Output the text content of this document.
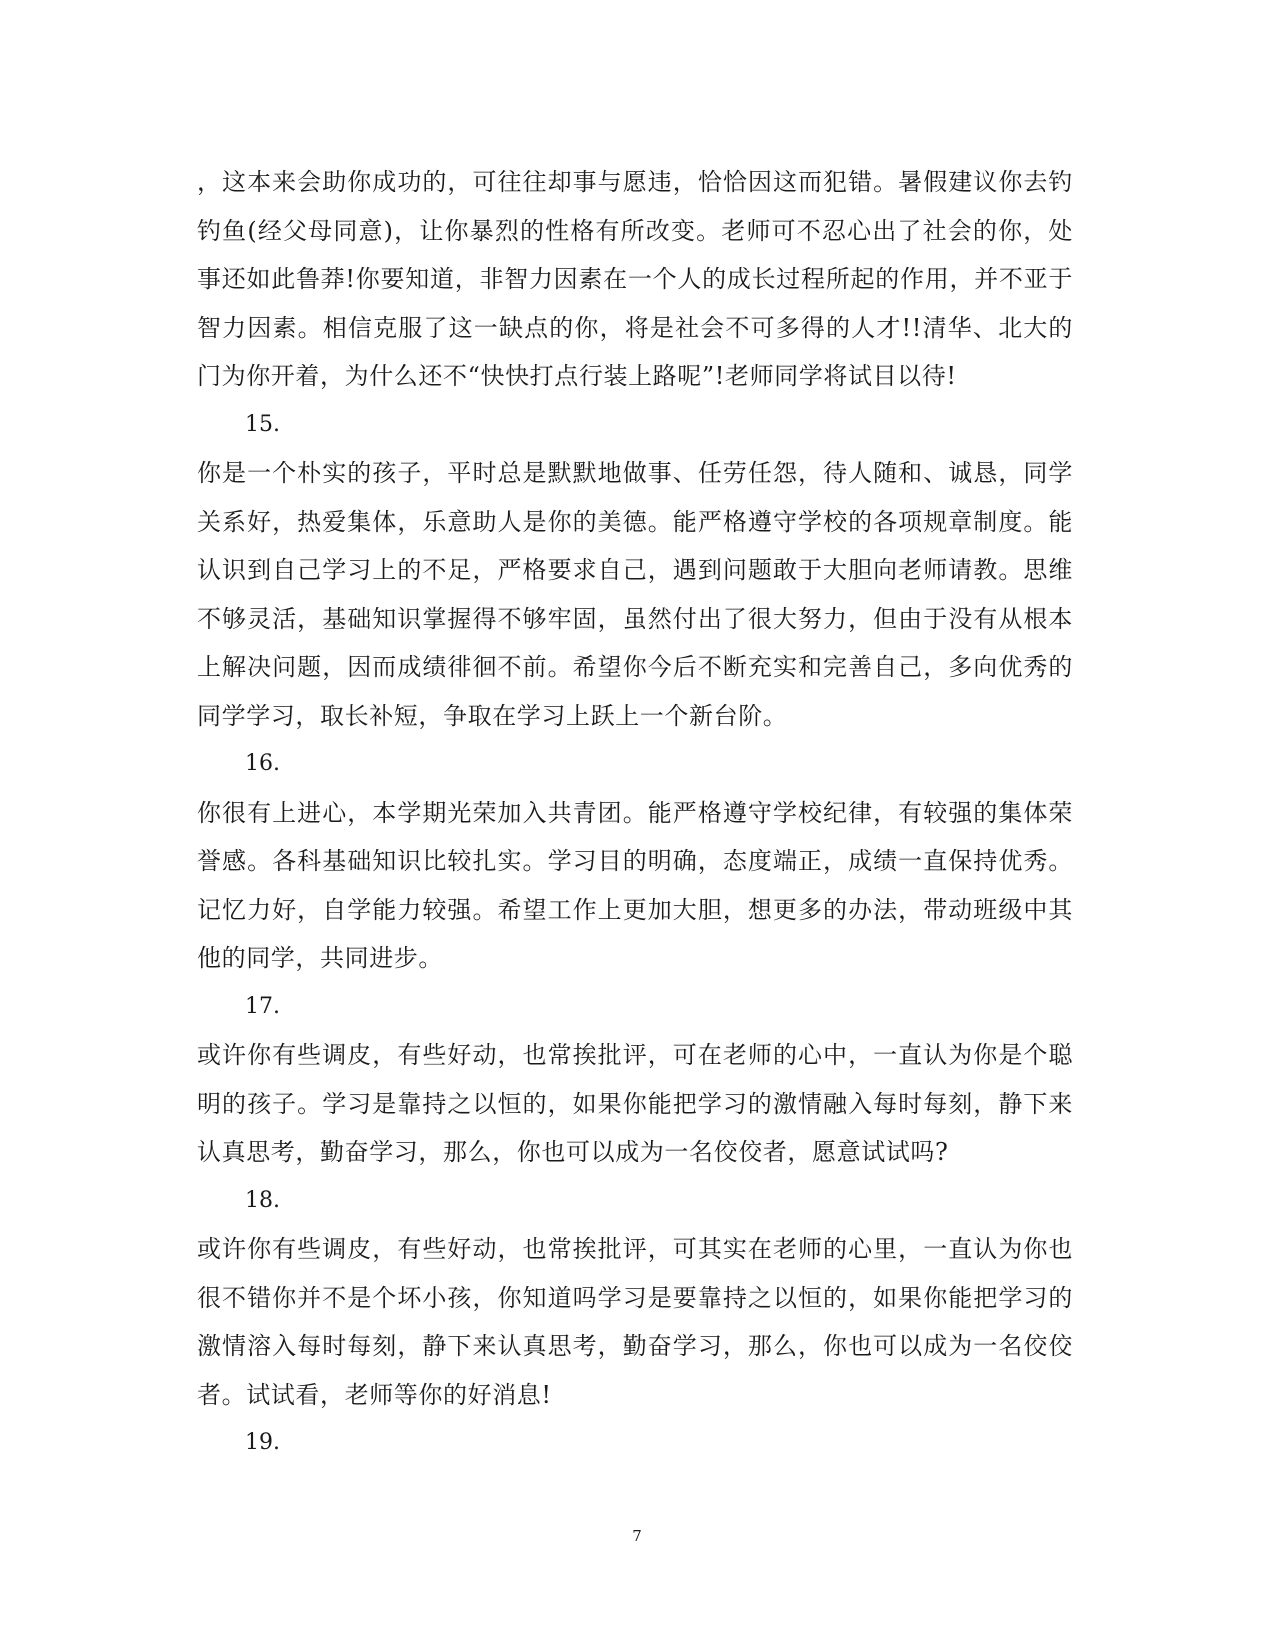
，这本来会助你成功的，可往往却事与愿违，恰恰因这而犯错。暑假建议你去钓钓鱼(经父母同意)，让你暴烈的性格有所改变。老师可不忍心出了社会的你，处事还如此鲁莽!你要知道，非智力因素在一个人的成长过程所起的作用，并不亚于智力因素。相信克服了这一缺点的你，将是社会不可多得的人才!!清华、北大的门为你开着，为什么还不“快快打点行装上路呢”!老师同学将试目以待!

15.

你是一个朴实的孩子，平时总是默默地做事、任劳任怨，待人随和、诚恳，同学关系好，热爱集体，乐意助人是你的美德。能严格遵守学校的各项规章制度。能认识到自己学习上的不足，严格要求自己，遇到问题敢于大胆向老师请教。思维不够灵活，基础知识掌握得不够牢固，虽然付出了很大努力，但由于没有从根本上解决问题，因而成绩徘徊不前。希望你今后不断充实和完善自己，多向优秀的同学学习，取长补短，争取在学习上跃上一个新台阶。

16.

你很有上进心，本学期光荣加入共青团。能严格遵守学校纪律，有较强的集体荣誉感。各科基础知识比较扎实。学习目的明确，态度端正，成绩一直保持优秀。记忆力好，自学能力较强。希望工作上更加大胆，想更多的办法，带动班级中其他的同学，共同进步。

17.

或许你有些调皮，有些好动，也常挨批评，可在老师的心中，一直认为你是个聪明的孩子。学习是靠持之以恒的，如果你能把学习的激情融入每时每刻，静下来认真思考，勤奋学习，那么，你也可以成为一名佼佼者，愿意试试吗?

18.

或许你有些调皮，有些好动，也常挨批评，可其实在老师的心里，一直认为你也很不错你并不是个坏小孩，你知道吗学习是要靠持之以恒的，如果你能把学习的激情溶入每时每刻，静下来认真思考，勤奋学习，那么，你也可以成为一名佼佼者。试试看，老师等你的好消息!

19.

7
